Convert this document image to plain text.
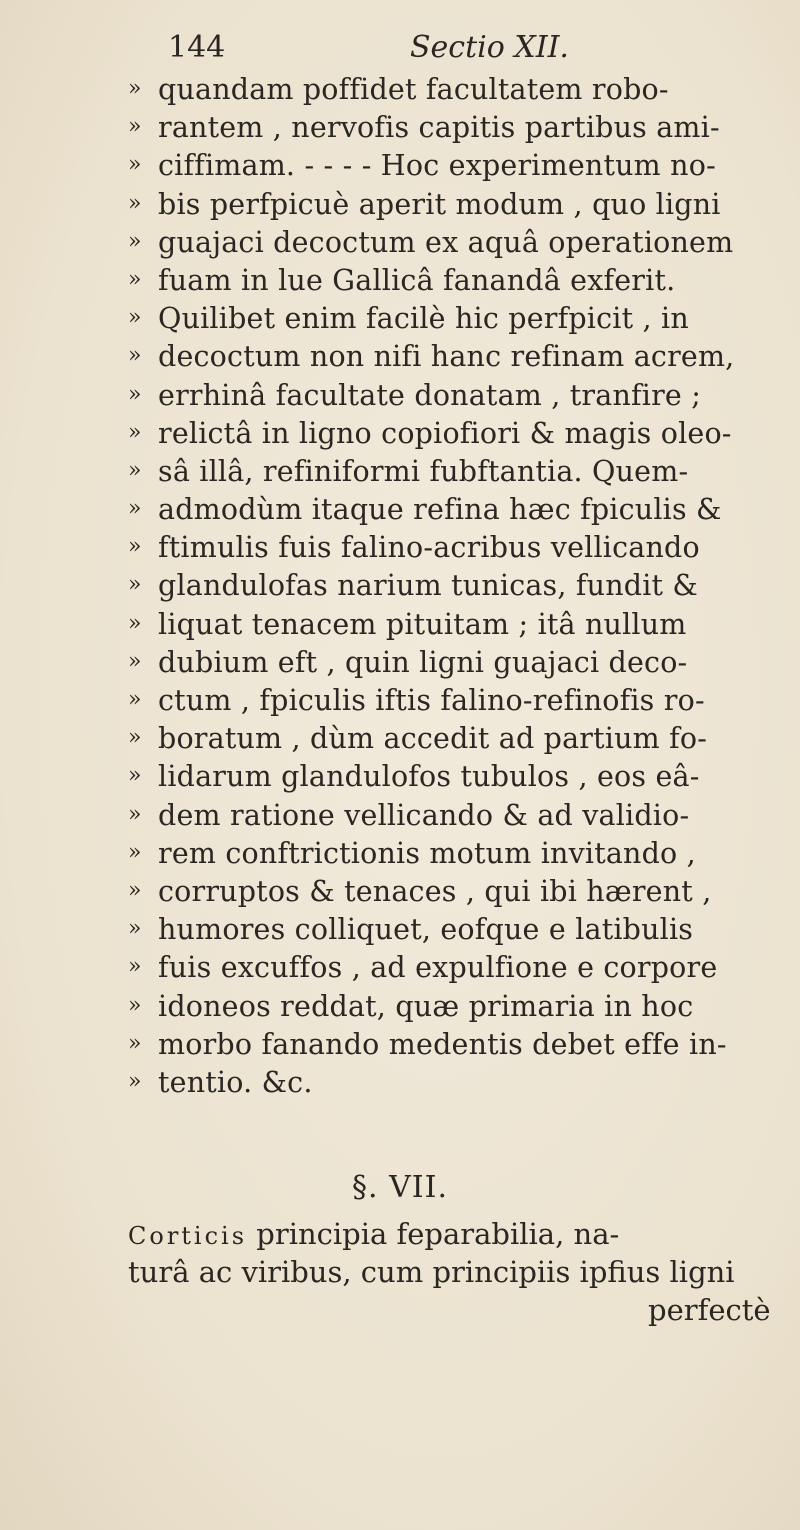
144	Sectio XII.
» quandam poffidet facultatem robo-
» rantem , nervofis capitis partibus ami-
» ciffimam. - - - - Hoc experimentum no-
» bis perfpicuè aperit modum , quo ligni
» guajaci decoctum ex aquâ operationem
» fuam in lue Gallicâ fanandâ exferit.
» Quilibet enim facilè hic perfpicit , in
» decoctum non nifi hanc refinam acrem,
» errhinâ facultate donatam , tranfire ;
» relictâ in ligno copiofiori & magis oleo-
» sâ illâ, refiniformi fubftantia. Quem-
» admodùm itaque refina hæc fpiculis &
» ftimulis fuis falino-acribus vellicando
» glandulofas narium tunicas, fundit &
» liquat tenacem pituitam ; itâ nullum
» dubium eft , quin ligni guajaci deco-
» ctum , fpiculis iftis falino-refinofis ro-
» boratum , dùm accedit ad partium fo-
» lidarum glandulofos tubulos , eos eâ-
» dem ratione vellicando & ad validio-
» rem conftrictionis motum invitando ,
» corruptos & tenaces , qui ibi hærent ,
» humores colliquet, eofque e latibulis
» fuis excuffos , ad expulfione e corpore
» idoneos reddat, quæ primaria in hoc
» morbo fanando medentis debet effe in-
» tentio. &c.
§. VII.
Corticis principia feparabilia, na-
turâ ac viribus, cum principiis ipfius ligni
perfectè
